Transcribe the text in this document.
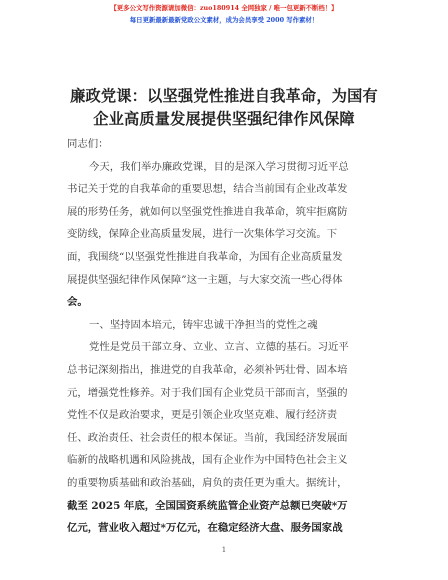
【更多公文写作资源请加微信：zuo180914 全网独家 / 唯一包更新不断档！】
每日更新最新最新党政公文素材，成为会员享受 2000 写作素材！
廉政党课：以坚强党性推进自我革命，为国有
企业高质量发展提供坚强纪律作风保障
同志们：
今天，我们举办廉政党课，目的是深入学习贯彻习近平总
书记关于党的自我革命的重要思想，结合当前国有企业改革发
展的形势任务，就如何以坚强党性推进自我革命，筑牢拒腐防
变防线，保障企业高质量发展，进行一次集体学习交流。下
面，我围绕“以坚强党性推进自我革命，为国有企业高质量发
展提供坚强纪律作风保障”这一主题，与大家交流一些心得体
会。
一、坚持固本培元，铸牢忠诚干净担当的党性之魂
党性是党员干部立身、立业、立言、立德的基石。习近平
总书记深刻指出，推进党的自我革命，必须补钙壮骨、固本培
元，增强党性修养。对于我们国有企业党员干部而言，坚强的
党性不仅是政治要求，更是引领企业攻坚克难、履行经济责
任、政治责任、社会责任的根本保证。当前，我国经济发展面
临新的战略机遇和风险挑战，国有企业作为中国特色社会主义
的重要物质基础和政治基础，肩负的责任更为重大。据统计，
截至 2025 年底，全国国资系统监管企业资产总额已突破*万
亿元，营业收入超过*万亿元，在稳定经济大盘、服务国家战
1
